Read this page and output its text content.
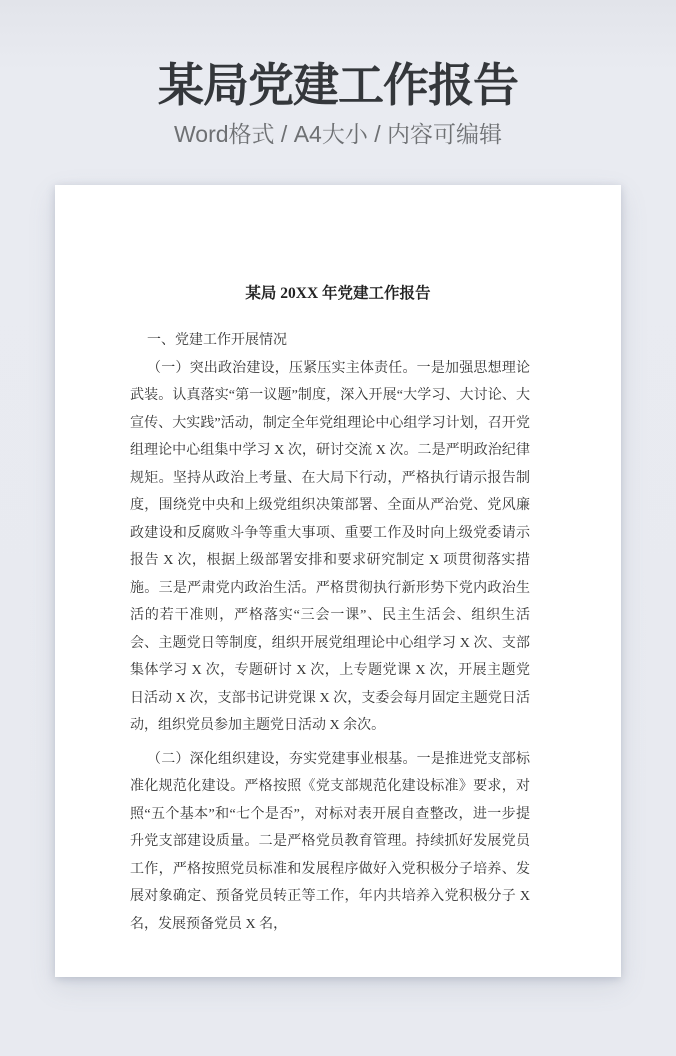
某局党建工作报告

Word格式 / A4大小 / 内容可编辑

某局 20XX 年党建工作报告

一、党建工作开展情况

（一）突出政治建设，压紧压实主体责任。一是加强思想理论武装。认真落实“第一议题”制度，深入开展“大学习、大讨论、大宣传、大实践”活动，制定全年党组理论中心组学习计划，召开党组理论中心组集中学习 X 次，研讨交流 X 次。二是严明政治纪律规矩。坚持从政治上考量、在大局下行动，严格执行请示报告制度，围绕党中央和上级党组织决策部署、全面从严治党、党风廉政建设和反腐败斗争等重大事项、重要工作及时向上级党委请示报告 X 次，根据上级部署安排和要求研究制定 X 项贯彻落实措施。三是严肃党内政治生活。严格贯彻执行新形势下党内政治生活的若干准则，严格落实“三会一课”、民主生活会、组织生活会、主题党日等制度，组织开展党组理论中心组学习 X 次、支部集体学习 X 次，专题研讨 X 次，上专题党课 X 次，开展主题党日活动 X 次，支部书记讲党课 X 次，支委会每月固定主题党日活动，组织党员参加主题党日活动 X 余次。

（二）深化组织建设，夯实党建事业根基。一是推进党支部标准化规范化建设。严格按照《党支部规范化建设标准》要求，对照“五个基本”和“七个是否”，对标对表开展自查整改，进一步提升党支部建设质量。二是严格党员教育管理。持续抓好发展党员工作，严格按照党员标准和发展程序做好入党积极分子培养、发展对象确定、预备党员转正等工作，年内共培养入党积极分子 X 名，发展预备党员 X 名，
